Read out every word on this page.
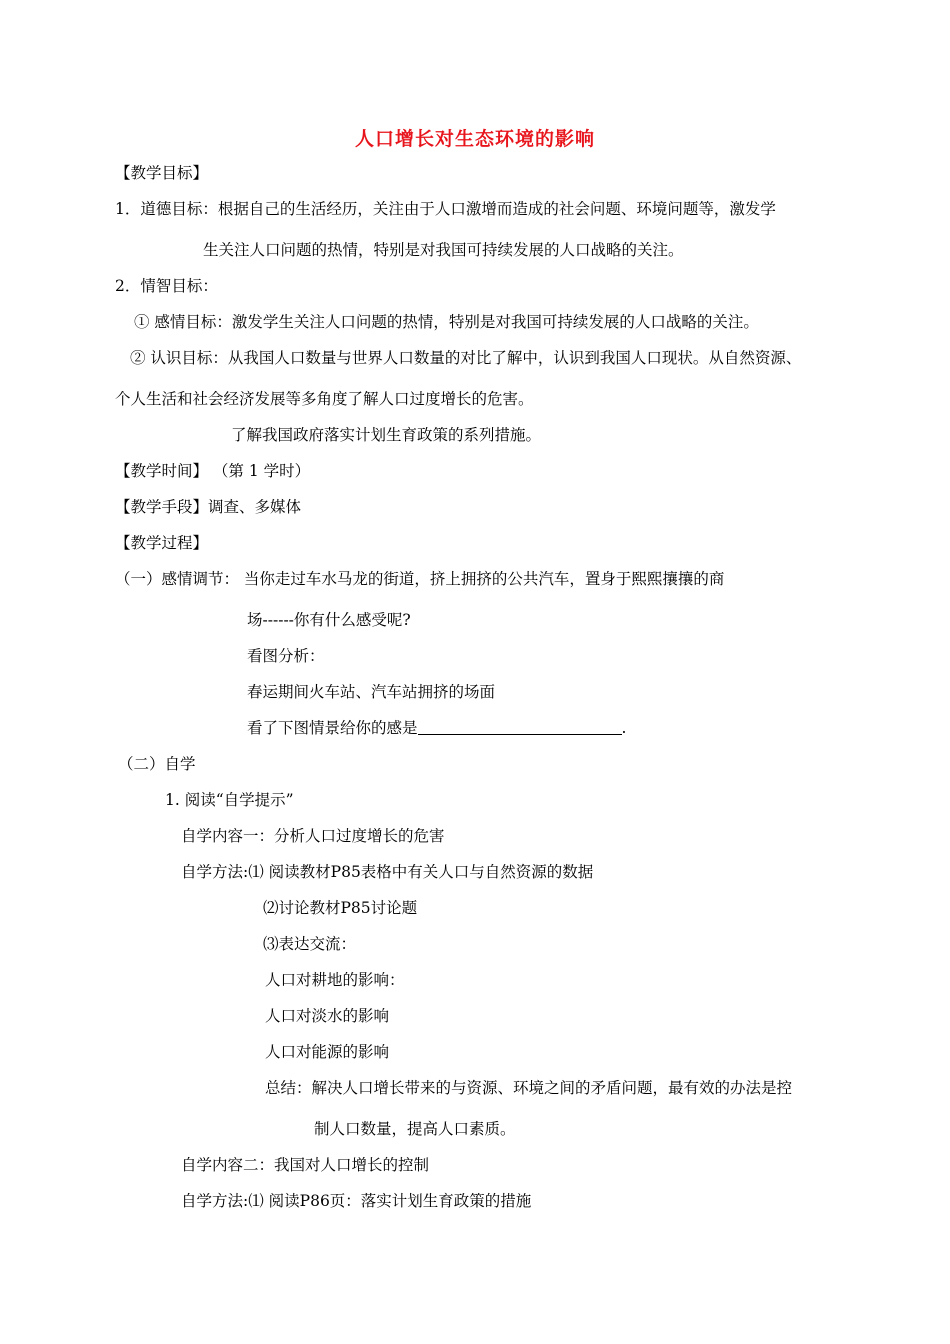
人口增长对生态环境的影响
【教学目标】
1．道德目标：根据自己的生活经历，关注由于人口激增而造成的社会问题、环境问题等，激发学
生关注人口问题的热情，特别是对我国可持续发展的人口战略的关注。
2．情智目标：
① 感情目标：激发学生关注人口问题的热情，特别是对我国可持续发展的人口战略的关注。
② 认识目标：从我国人口数量与世界人口数量的对比了解中，认识到我国人口现状。从自然资源、
个人生活和社会经济发展等多角度了解人口过度增长的危害。
了解我国政府落实计划生育政策的系列措施。
【教学时间】 （第 1 学时）
【教学手段】调查、多媒体
【教学过程】
（一）感情调节： 当你走过车水马龙的街道，挤上拥挤的公共汽车，置身于熙熙攘攘的商
场------你有什么感受呢?
看图分析：
春运期间火车站、汽车站拥挤的场面
看了下图情景给你的感是	.
（二）自学
1. 阅读“自学提示”
自学内容一：分析人口过度增长的危害
自学方法:⑴ 阅读教材P85表格中有关人口与自然资源的数据
⑵讨论教材P85讨论题
⑶表达交流：
人口对耕地的影响：
人口对淡水的影响
人口对能源的影响
总结：解决人口增长带来的与资源、环境之间的矛盾问题，最有效的办法是控
制人口数量，提高人口素质。
自学内容二：我国对人口增长的控制
自学方法:⑴ 阅读P86页：落实计划生育政策的措施
